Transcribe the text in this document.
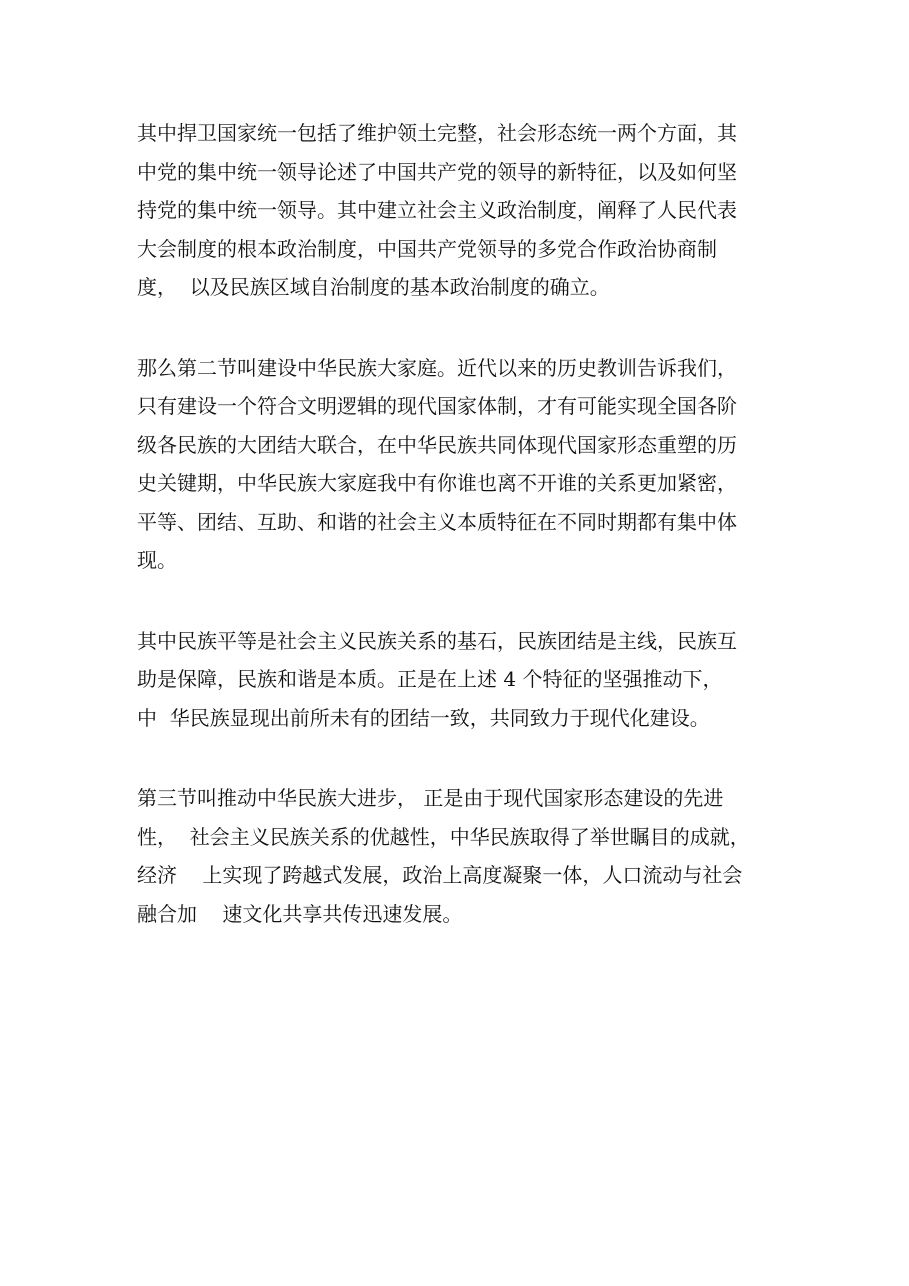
其中捍卫国家统一包括了维护领土完整，社会形态统一两个方面，其
中党的集中统一领导论述了中国共产党的领导的新特征，以及如何坚
持党的集中统一领导。其中建立社会主义政治制度，阐释了人民代表
大会制度的根本政治制度，中国共产党领导的多党合作政治协商制
度，  以及民族区域自治制度的基本政治制度的确立。
那么第二节叫建设中华民族大家庭。近代以来的历史教训告诉我们，
只有建设一个符合文明逻辑的现代国家体制，才有可能实现全国各阶
级各民族的大团结大联合，在中华民族共同体现代国家形态重塑的历
史关键期，中华民族大家庭我中有你谁也离不开谁的关系更加紧密，
平等、团结、互助、和谐的社会主义本质特征在不同时期都有集中体
现。
其中民族平等是社会主义民族关系的基石，民族团结是主线，民族互
助是保障，民族和谐是本质。正是在上述 4 个特征的坚强推动下，
中  华民族显现出前所未有的团结一致，共同致力于现代化建设。
第三节叫推动中华民族大进步， 正是由于现代国家形态建设的先进
性，  社会主义民族关系的优越性，中华民族取得了举世瞩目的成就，
经济    上实现了跨越式发展，政治上高度凝聚一体，人口流动与社会
融合加    速文化共享共传迅速发展。
